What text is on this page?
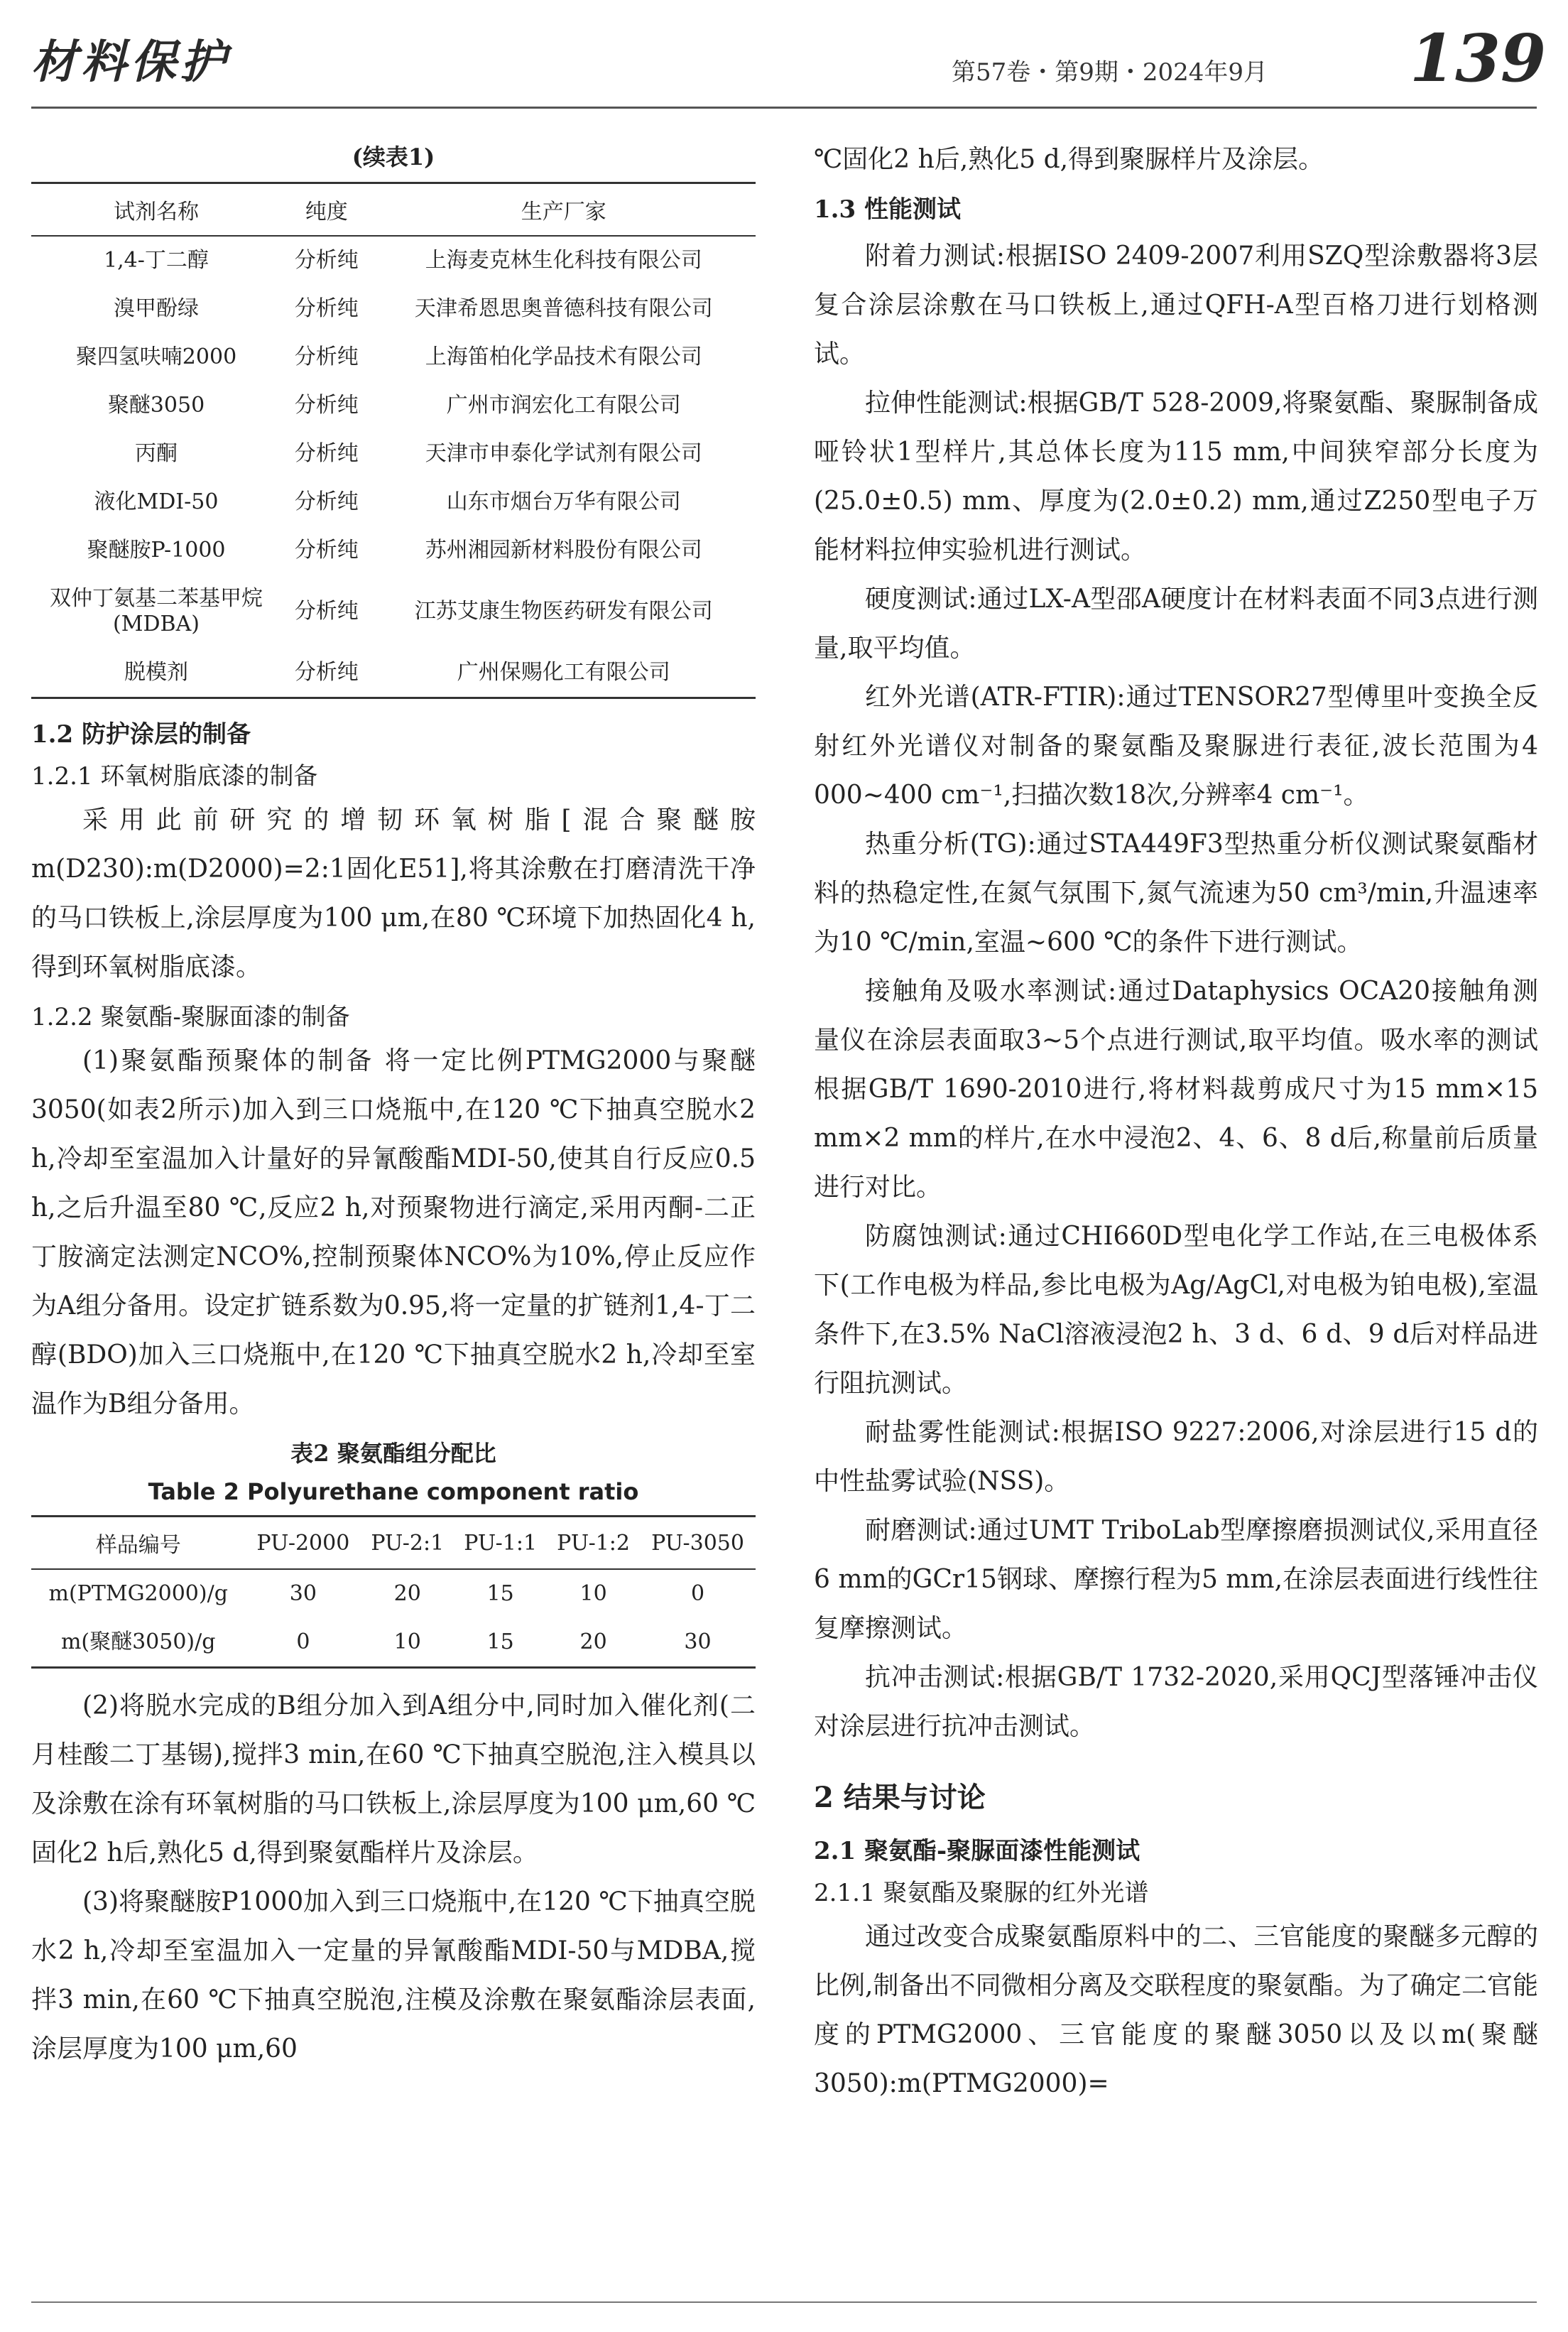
材料保护	第57卷・第9期・2024年9月 139
(续表1)
试剂名称	纯度	生产厂家
1,4-丁二醇	分析纯	上海麦克林生化科技有限公司
溴甲酚绿	分析纯	天津希恩思奥普德科技有限公司
聚四氢呋喃2000	分析纯	上海笛柏化学品技术有限公司
聚醚3050	分析纯	广州市润宏化工有限公司
丙酮	分析纯	天津市申泰化学试剂有限公司
液化MDI-50	分析纯	山东市烟台万华有限公司
聚醚胺P-1000	分析纯	苏州湘园新材料股份有限公司
双仲丁氨基二苯基甲烷(MDBA)	分析纯	江苏艾康生物医药研发有限公司
脱模剂	分析纯	广州保赐化工有限公司
1.2 防护涂层的制备
1.2.1 环氧树脂底漆的制备

采用此前研究的增韧环氧树脂[混合聚醚胺m(D230):m(D2000)=2:1固化E51],将其涂敷在打磨清洗干净的马口铁板上,涂层厚度为100 μm,在80 ℃环境下加热固化4 h,得到环氧树脂底漆。

1.2.2 聚氨酯-聚脲面漆的制备

(1)聚氨酯预聚体的制备 将一定比例PTMG2000与聚醚3050(如表2所示)加入到三口烧瓶中,在120 ℃下抽真空脱水2 h,冷却至室温加入计量好的异氰酸酯MDI-50,使其自行反应0.5 h,之后升温至80 ℃,反应2 h,对预聚物进行滴定,采用丙酮-二正丁胺滴定法测定NCO%,控制预聚体NCO%为10%,停止反应作为A组分备用。设定扩链系数为0.95,将一定量的扩链剂1,4-丁二醇(BDO)加入三口烧瓶中,在120 ℃下抽真空脱水2 h,冷却至室温作为B组分备用。

表2 聚氨酯组分配比
Table 2 Polyurethane component ratio
样品编号	PU-2000	PU-2:1	PU-1:1	PU-1:2	PU-3050
m(PTMG2000)/g	30	20	15	10	0
m(聚醚3050)/g	0	10	15	20	30

(2)将脱水完成的B组分加入到A组分中,同时加入催化剂(二月桂酸二丁基锡),搅拌3 min,在60 ℃下抽真空脱泡,注入模具以及涂敷在涂有环氧树脂的马口铁板上,涂层厚度为100 μm,60 ℃固化2 h后,熟化5 d,得到聚氨酯样片及涂层。

(3)将聚醚胺P1000加入到三口烧瓶中,在120 ℃下抽真空脱水2 h,冷却至室温加入一定量的异氰酸酯MDI-50与MDBA,搅拌3 min,在60 ℃下抽真空脱泡,注模及涂敷在聚氨酯涂层表面,涂层厚度为100 μm,60

℃固化2 h后,熟化5 d,得到聚脲样片及涂层。

1.3 性能测试

附着力测试:根据ISO 2409-2007利用SZQ型涂敷器将3层复合涂层涂敷在马口铁板上,通过QFH-A型百格刀进行划格测试。

拉伸性能测试:根据GB/T 528-2009,将聚氨酯、聚脲制备成哑铃状1型样片,其总体长度为115 mm,中间狭窄部分长度为(25.0±0.5) mm、厚度为(2.0±0.2) mm,通过Z250型电子万能材料拉伸实验机进行测试。

硬度测试:通过LX-A型邵A硬度计在材料表面不同3点进行测量,取平均值。

红外光谱(ATR-FTIR):通过TENSOR27型傅里叶变换全反射红外光谱仪对制备的聚氨酯及聚脲进行表征,波长范围为4 000~400 cm⁻¹,扫描次数18次,分辨率4 cm⁻¹。

热重分析(TG):通过STA449F3型热重分析仪测试聚氨酯材料的热稳定性,在氮气氛围下,氮气流速为50 cm³/min,升温速率为10 ℃/min,室温~600 ℃的条件下进行测试。

接触角及吸水率测试:通过Dataphysics OCA20接触角测量仪在涂层表面取3~5个点进行测试,取平均值。吸水率的测试根据GB/T 1690-2010进行,将材料裁剪成尺寸为15 mm×15 mm×2 mm的样片,在水中浸泡2、4、6、8 d后,称量前后质量进行对比。

防腐蚀测试:通过CHI660D型电化学工作站,在三电极体系下(工作电极为样品,参比电极为Ag/AgCl,对电极为铂电极),室温条件下,在3.5% NaCl溶液浸泡2 h、3 d、6 d、9 d后对样品进行阻抗测试。

耐盐雾性能测试:根据ISO 9227:2006,对涂层进行15 d的中性盐雾试验(NSS)。

耐磨测试:通过UMT TriboLab型摩擦磨损测试仪,采用直径6 mm的GCr15钢球、摩擦行程为5 mm,在涂层表面进行线性往复摩擦测试。

抗冲击测试:根据GB/T 1732-2020,采用QCJ型落锤冲击仪对涂层进行抗冲击测试。

2 结果与讨论
2.1 聚氨酯-聚脲面漆性能测试
2.1.1 聚氨酯及聚脲的红外光谱

通过改变合成聚氨酯原料中的二、三官能度的聚醚多元醇的比例,制备出不同微相分离及交联程度的聚氨酯。为了确定二官能度的PTMG2000、三官能度的聚醚3050以及以m(聚醚3050):m(PTMG2000)=
